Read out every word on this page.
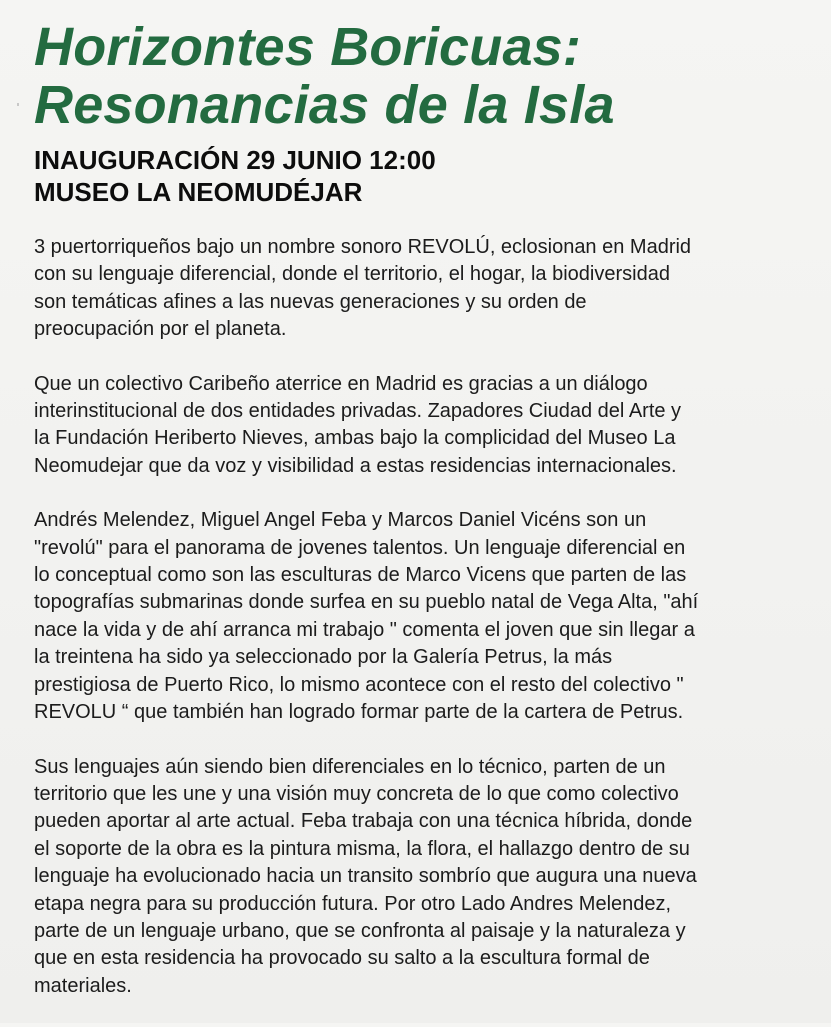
Horizontes Boricuas:
Resonancias de la Isla
INAUGURACIÓN 29 JUNIO 12:00
MUSEO LA NEOMUDÉJAR

3 puertorriqueños bajo un nombre sonoro REVOLÚ, eclosionan en Madrid
con su lenguaje diferencial, donde el territorio, el hogar, la biodiversidad
son temáticas afines a las nuevas generaciones y su orden de
preocupación por el planeta.

Que un colectivo Caribeño aterrice en Madrid es gracias a un diálogo
interinstitucional de dos entidades privadas. Zapadores Ciudad del Arte y
la Fundación Heriberto Nieves, ambas bajo la complicidad del Museo La
Neomudejar que da voz y visibilidad a estas residencias internacionales.

Andrés Melendez, Miguel Angel Feba y Marcos Daniel Vicéns son un
"revolú" para el panorama de jovenes talentos. Un lenguaje diferencial en
lo conceptual como son las esculturas de Marco Vicens que parten de las
topografías submarinas donde surfea en su pueblo natal de Vega Alta, "ahí
nace la vida y de ahí arranca mi trabajo " comenta el joven que sin llegar a
la treintena ha sido ya seleccionado por la Galería Petrus, la más
prestigiosa de Puerto Rico, lo mismo acontece con el resto del colectivo "
REVOLU “ que también han logrado formar parte de la cartera de Petrus.

Sus lenguajes aún siendo bien diferenciales en lo técnico, parten de un
territorio que les une y una visión muy concreta de lo que como colectivo
pueden aportar al arte actual. Feba trabaja con una técnica híbrida, donde
el soporte de la obra es la pintura misma, la flora, el hallazgo dentro de su
lenguaje ha evolucionado hacia un transito sombrío que augura una nueva
etapa negra para su producción futura. Por otro Lado Andres Melendez,
parte de un lenguaje urbano, que se confronta al paisaje y la naturaleza y
que en esta residencia ha provocado su salto a la escultura formal de
materiales.
